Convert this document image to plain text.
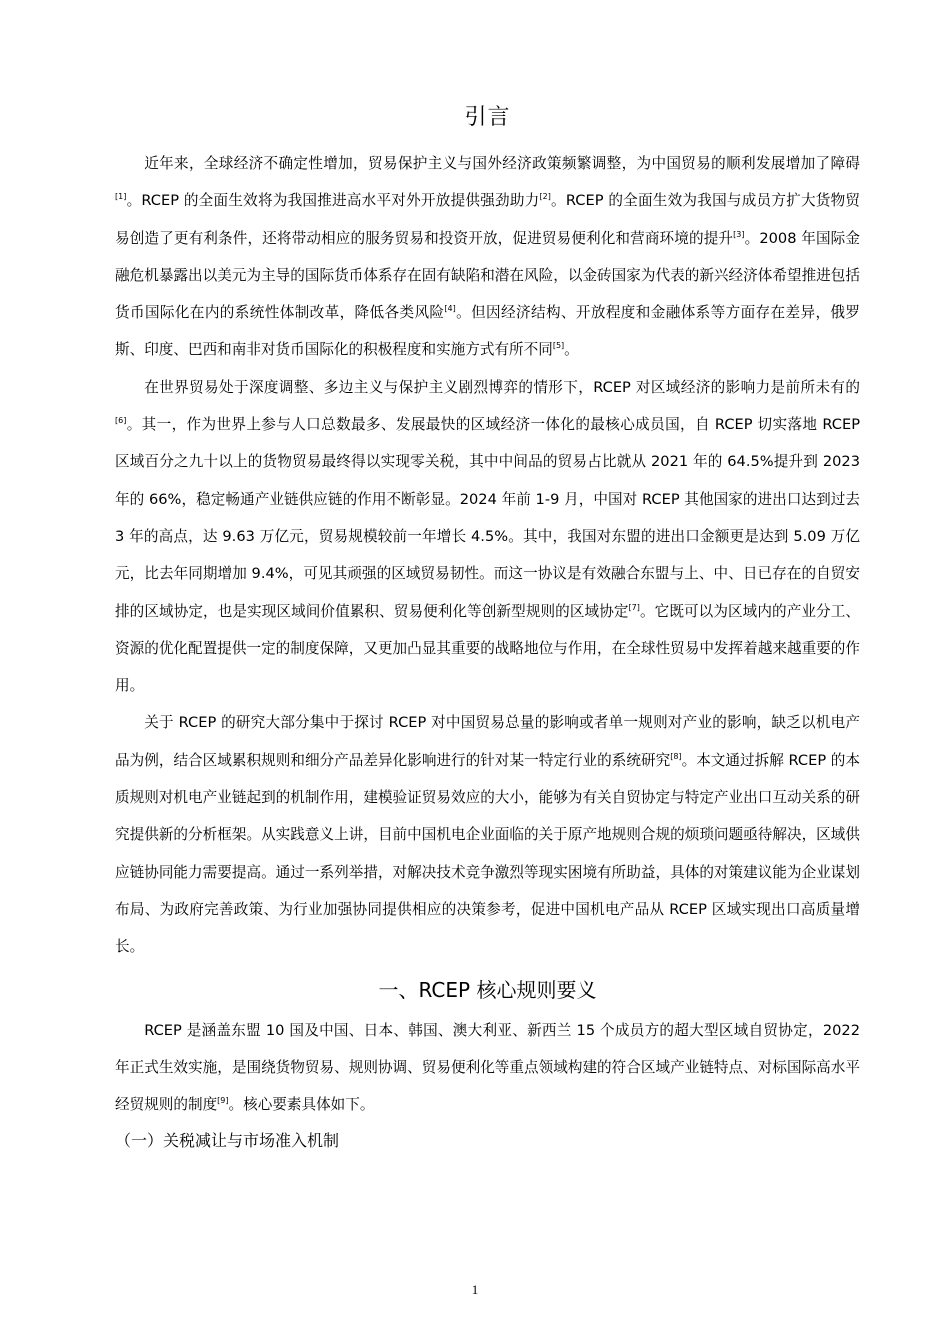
引言

近年来，全球经济不确定性增加，贸易保护主义与国外经济政策频繁调整，为中国贸易的顺利发展增加了障碍[1]。RCEP 的全面生效将为我国推进高水平对外开放提供强劲助力[2]。RCEP 的全面生效为我国与成员方扩大货物贸易创造了更有利条件，还将带动相应的服务贸易和投资开放，促进贸易便利化和营商环境的提升[3]。2008 年国际金融危机暴露出以美元为主导的国际货币体系存在固有缺陷和潜在风险，以金砖国家为代表的新兴经济体希望推进包括货币国际化在内的系统性体制改革，降低各类风险[4]。但因经济结构、开放程度和金融体系等方面存在差异，俄罗斯、印度、巴西和南非对货币国际化的积极程度和实施方式有所不同[5]。

在世界贸易处于深度调整、多边主义与保护主义剧烈博弈的情形下，RCEP 对区域经济的影响力是前所未有的[6]。其一，作为世界上参与人口总数最多、发展最快的区域经济一体化的最核心成员国，自 RCEP 切实落地 RCEP 区域百分之九十以上的货物贸易最终得以实现零关税，其中中间品的贸易占比就从 2021 年的 64.5%提升到 2023 年的 66%，稳定畅通产业链供应链的作用不断彰显。2024 年前 1-9 月，中国对 RCEP 其他国家的进出口达到过去 3 年的高点，达 9.63 万亿元，贸易规模较前一年增长 4.5%。其中，我国对东盟的进出口金额更是达到 5.09 万亿元，比去年同期增加 9.4%，可见其顽强的区域贸易韧性。而这一协议是有效融合东盟与上、中、日已存在的自贸安排的区域协定，也是实现区域间价值累积、贸易便利化等创新型规则的区域协定[7]。它既可以为区域内的产业分工、资源的优化配置提供一定的制度保障，又更加凸显其重要的战略地位与作用，在全球性贸易中发挥着越来越重要的作用。

关于 RCEP 的研究大部分集中于探讨 RCEP 对中国贸易总量的影响或者单一规则对产业的影响，缺乏以机电产品为例，结合区域累积规则和细分产品差异化影响进行的针对某一特定行业的系统研究[8]。本文通过拆解 RCEP 的本质规则对机电产业链起到的机制作用，建模验证贸易效应的大小，能够为有关自贸协定与特定产业出口互动关系的研究提供新的分析框架。从实践意义上讲，目前中国机电企业面临的关于原产地规则合规的烦琐问题亟待解决，区域供应链协同能力需要提高。通过一系列举措，对解决技术竞争激烈等现实困境有所助益，具体的对策建议能为企业谋划布局、为政府完善政策、为行业加强协同提供相应的决策参考，促进中国机电产品从 RCEP 区域实现出口高质量增长。

一、RCEP 核心规则要义

RCEP 是涵盖东盟 10 国及中国、日本、韩国、澳大利亚、新西兰 15 个成员方的超大型区域自贸协定，2022 年正式生效实施，是围绕货物贸易、规则协调、贸易便利化等重点领域构建的符合区域产业链特点、对标国际高水平经贸规则的制度[9]。核心要素具体如下。

（一）关税减让与市场准入机制
1
